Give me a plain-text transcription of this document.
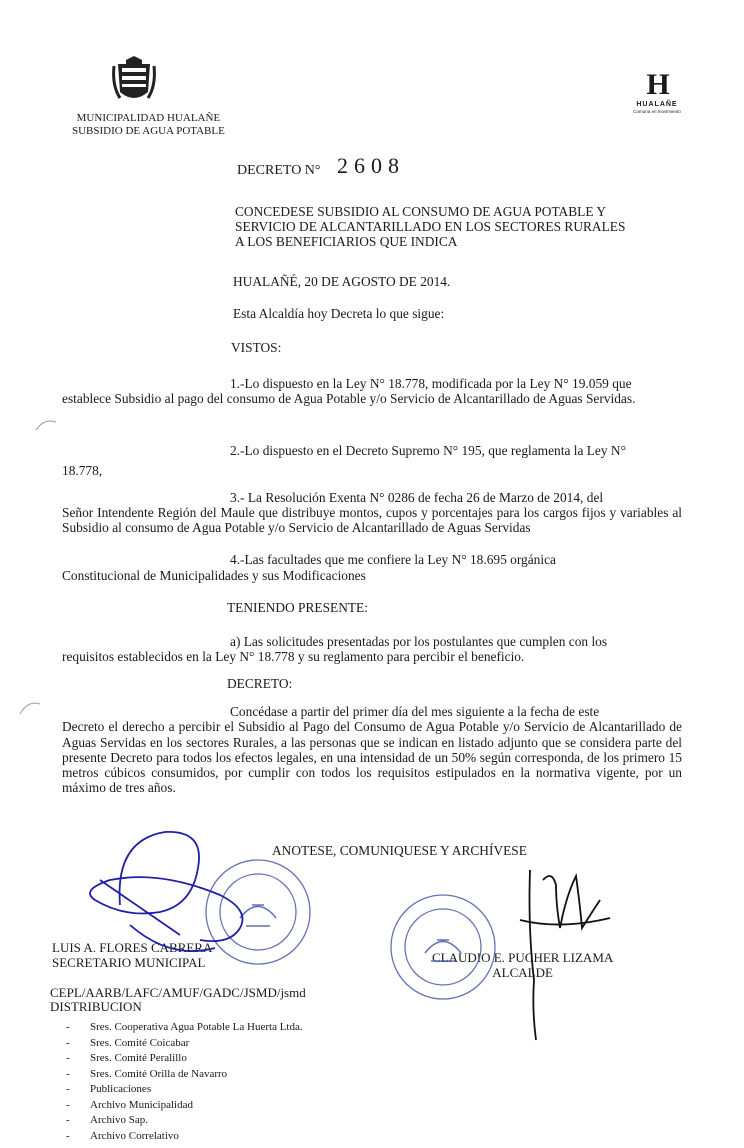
MUNICIPALIDAD HUALAÑE
SUBSIDIO DE AGUA POTABLE
H
HUALAÑE
Comuna en movimiento
DECRETO N° 2608
CONCEDESE SUBSIDIO AL CONSUMO DE AGUA POTABLE Y
SERVICIO DE ALCANTARILLADO EN LOS SECTORES RURALES
A LOS BENEFICIARIOS QUE INDICA
HUALAÑÉ, 20 DE AGOSTO DE 2014.
Esta Alcaldía hoy Decreta lo que sigue:
VISTOS:
1.-Lo dispuesto en la Ley N° 18.778, modificada por la Ley N° 19.059 que
establece Subsidio al pago del consumo de Agua Potable y/o Servicio de Alcantarillado de Aguas Servidas.
2.-Lo dispuesto en el Decreto Supremo N° 195, que reglamenta la Ley N°
18.778,
3.- La Resolución Exenta N° 0286 de fecha 26 de Marzo de 2014, del
Señor Intendente Región del Maule que distribuye montos, cupos y porcentajes para los cargos fijos y variables al Subsidio al consumo de Agua Potable y/o Servicio de Alcantarillado de Aguas Servidas
4.-Las facultades que me confiere la Ley N° 18.695 orgánica
Constitucional de Municipalidades y sus Modificaciones
TENIENDO PRESENTE:
a) Las solicitudes presentadas por los postulantes que cumplen con los
requisitos establecidos en la Ley N° 18.778 y su reglamento para percibir el beneficio.
DECRETO:
Concédase a partir del primer día del mes siguiente a la fecha de este
Decreto el derecho a percibir el Subsidio al Pago del Consumo de Agua Potable y/o Servicio de Alcantarillado de Aguas Servidas en los sectores Rurales, a las personas que se indican en listado adjunto que se considera parte del presente Decreto para todos los efectos legales, en una intensidad de un 50% según corresponda, de los primero 15 metros cúbicos consumidos, por cumplir con todos los requisitos estipulados en la normativa vigente, por un máximo de tres años.
ANOTESE, COMUNIQUESE Y ARCHÍVESE
LUIS A. FLORES CABRERA
SECRETARIO MUNICIPAL	CLAUDIO E. PUCHER LIZAMA
ALCALDE
CEPL/AARB/LAFC/AMUF/GADC/JSMD/jsmd
DISTRIBUCION
- Sres. Cooperativa Agua Potable La Huerta Ltda.
- Sres. Comité Coicabar
- Sres. Comité Peralillo
- Sres. Comité Orilla de Navarro
- Publicaciones
- Archivo Municipalidad
- Archivo Sap.
- Archivo Correlativo
